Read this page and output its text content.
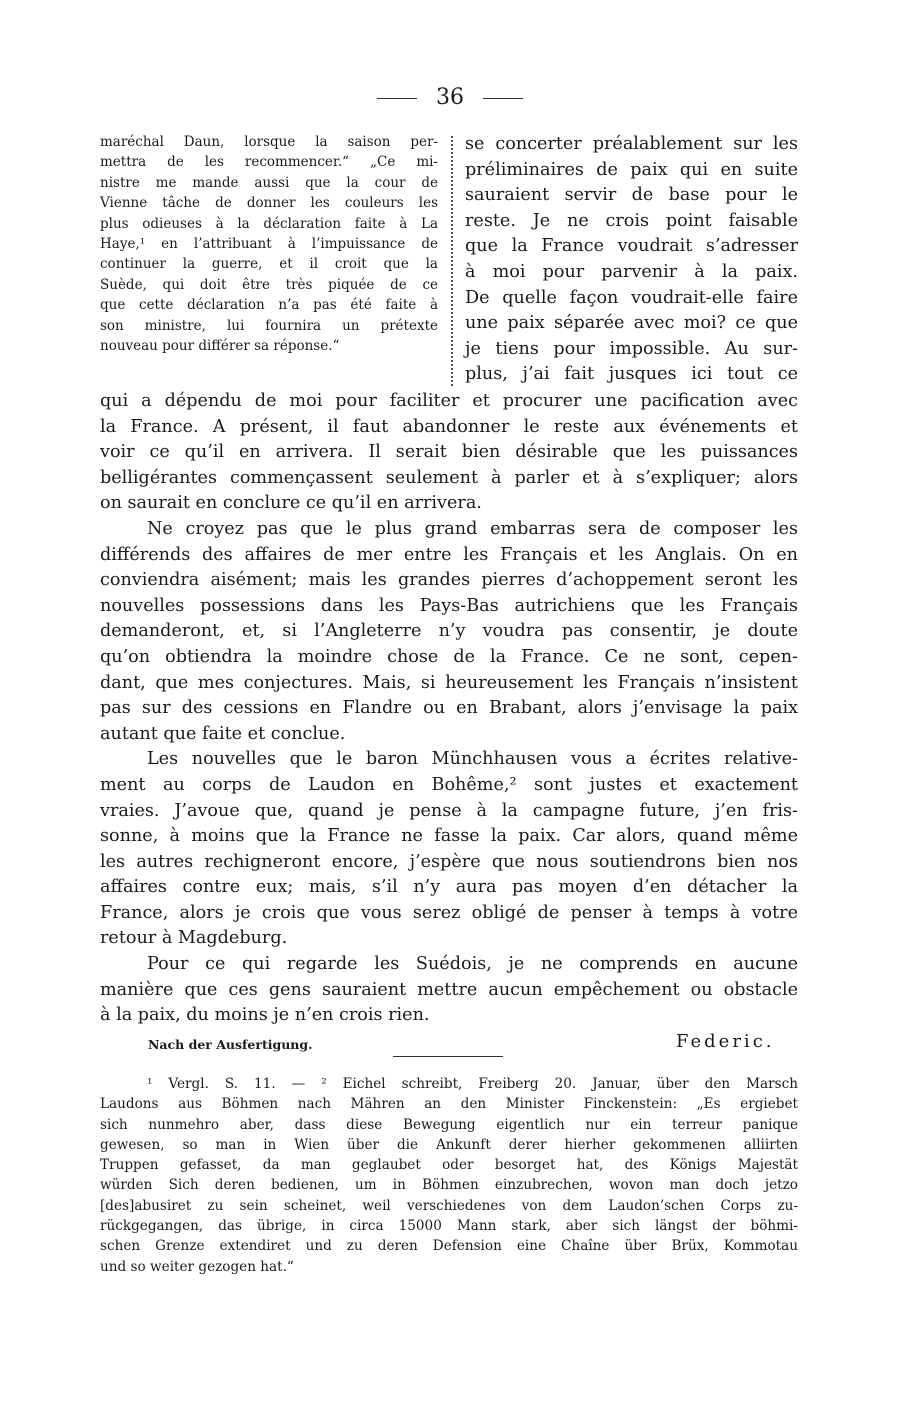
36
maréchal Daun, lorsque la saison per-
mettra de les recommencer.“ „Ce mi-
nistre me mande aussi que la cour de
Vienne tâche de donner les couleurs les
plus odieuses à la déclaration faite à La
Haye,¹ en l’attribuant à l’impuissance de
continuer la guerre, et il croit que la
Suède, qui doit être très piquée de ce
que cette déclaration n’a pas été faite à
son ministre, lui fournira un prétexte
nouveau pour différer sa réponse.“
se concerter préalablement sur les
préliminaires de paix qui en suite
sauraient servir de base pour le
reste. Je ne crois point faisable
que la France voudrait s’adresser
à moi pour parvenir à la paix.
De quelle façon voudrait-elle faire
une paix séparée avec moi? ce que
je tiens pour impossible. Au sur-
plus, j’ai fait jusques ici tout ce
qui a dépendu de moi pour faciliter et procurer une pacification avec
la France. A présent, il faut abandonner le reste aux événements et
voir ce qu’il en arrivera. Il serait bien désirable que les puissances
belligérantes commençassent seulement à parler et à s’expliquer; alors
on saurait en conclure ce qu’il en arrivera.
Ne croyez pas que le plus grand embarras sera de composer les
différends des affaires de mer entre les Français et les Anglais. On en
conviendra aisément; mais les grandes pierres d’achoppement seront les
nouvelles possessions dans les Pays-Bas autrichiens que les Français
demanderont, et, si l’Angleterre n’y voudra pas consentir, je doute
qu’on obtiendra la moindre chose de la France. Ce ne sont, cepen-
dant, que mes conjectures. Mais, si heureusement les Français n’insistent
pas sur des cessions en Flandre ou en Brabant, alors j’envisage la paix
autant que faite et conclue.
Les nouvelles que le baron Münchhausen vous a écrites relative-
ment au corps de Laudon en Bohême,² sont justes et exactement
vraies. J’avoue que, quand je pense à la campagne future, j’en fris-
sonne, à moins que la France ne fasse la paix. Car alors, quand même
les autres rechigneront encore, j’espère que nous soutiendrons bien nos
affaires contre eux; mais, s’il n’y aura pas moyen d’en détacher la
France, alors je crois que vous serez obligé de penser à temps à votre
retour à Magdeburg.
Pour ce qui regarde les Suédois, je ne comprends en aucune
manière que ces gens sauraient mettre aucun empêchement ou obstacle
à la paix, du moins je n’en crois rien.
Nach der Ausfertigung.	Federic.
¹ Vergl. S. 11. — ² Eichel schreibt, Freiberg 20. Januar, über den Marsch
Laudons aus Böhmen nach Mähren an den Minister Finckenstein: „Es ergiebet
sich nunmehro aber, dass diese Bewegung eigentlich nur ein terreur panique
gewesen, so man in Wien über die Ankunft derer hierher gekommenen alliirten
Truppen gefasset, da man geglaubet oder besorget hat, des Königs Majestät
würden Sich deren bedienen, um in Böhmen einzubrechen, wovon man doch jetzo
[des]abusiret zu sein scheinet, weil verschiedenes von dem Laudon’schen Corps zu-
rückgegangen, das übrige, in circa 15000 Mann stark, aber sich längst der böhmi-
schen Grenze extendiret und zu deren Defension eine Chaîne über Brüx, Kommotau
und so weiter gezogen hat.“
